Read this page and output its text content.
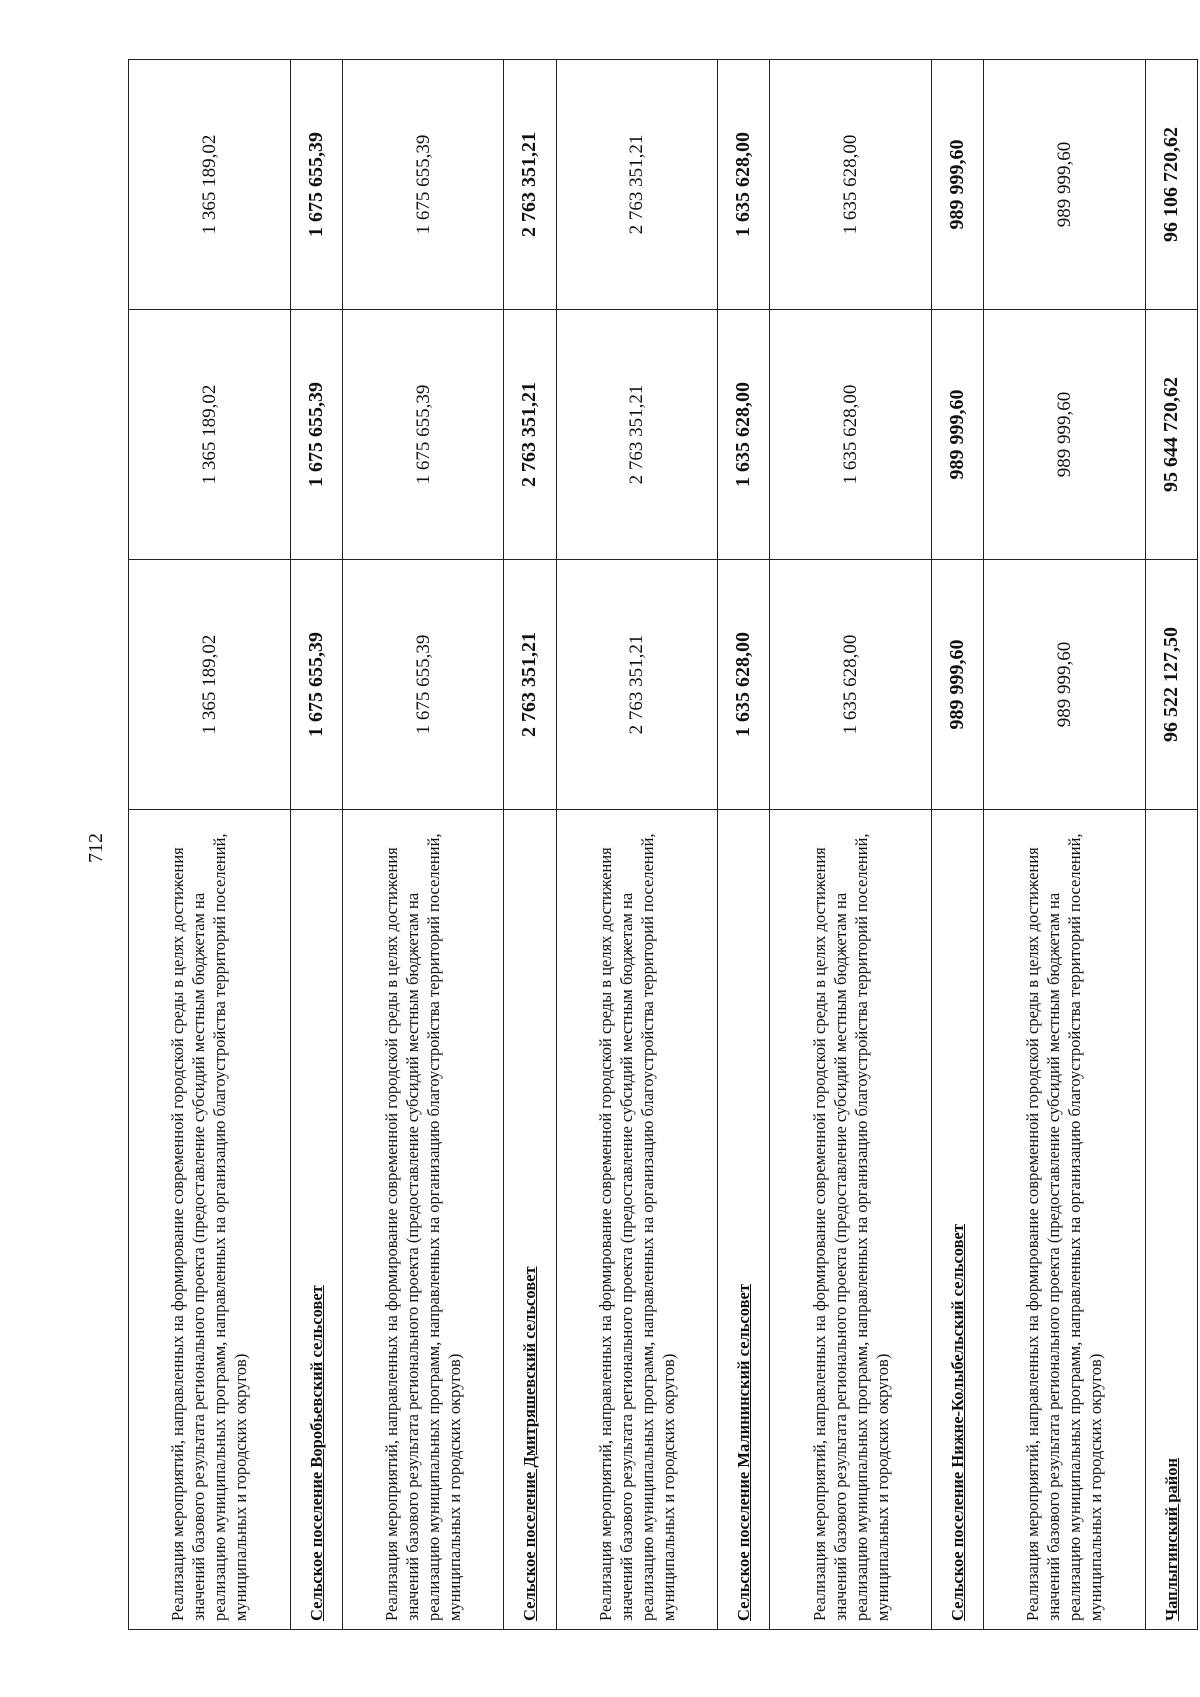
712	Реализация мероприятий, направленных на формирование современной городской среды в целях достижения значений базового результата регионального проекта (предоставление субсидий местным бюджетам на реализацию муниципальных программ, направленных на организацию благоустройства территорий поселений, муниципальных и городских округов)	1 365 189,02	1 365 189,02	1 365 189,02
Сельское поселение Воробьевский сельсовет	1 675 655,39	1 675 655,39	1 675 655,39
Реализация мероприятий, направленных на формирование современной городской среды в целях достижения значений базового результата регионального проекта (предоставление субсидий местным бюджетам на реализацию муниципальных программ, направленных на организацию благоустройства территорий поселений, муниципальных и городских округов)	1 675 655,39	1 675 655,39	1 675 655,39
Сельское поселение Дмитряшевский сельсовет	2 763 351,21	2 763 351,21	2 763 351,21
Реализация мероприятий, направленных на формирование современной городской среды в целях достижения значений базового результата регионального проекта (предоставление субсидий местным бюджетам на реализацию муниципальных программ, направленных на организацию благоустройства территорий поселений, муниципальных и городских округов)	2 763 351,21	2 763 351,21	2 763 351,21
Сельское поселение Малининский сельсовет	1 635 628,00	1 635 628,00	1 635 628,00
Реализация мероприятий, направленных на формирование современной городской среды в целях достижения значений базового результата регионального проекта (предоставление субсидий местным бюджетам на реализацию муниципальных программ, направленных на организацию благоустройства территорий поселений, муниципальных и городских округов)	1 635 628,00	1 635 628,00	1 635 628,00
Сельское поселение Нижне-Колыбельский сельсовет	989 999,60	989 999,60	989 999,60
Реализация мероприятий, направленных на формирование современной городской среды в целях достижения значений базового результата регионального проекта (предоставление субсидий местным бюджетам на реализацию муниципальных программ, направленных на организацию благоустройства территорий поселений, муниципальных и городских округов)	989 999,60	989 999,60	989 999,60
Чаплыгинский район	96 522 127,50	95 644 720,62	96 106 720,62
